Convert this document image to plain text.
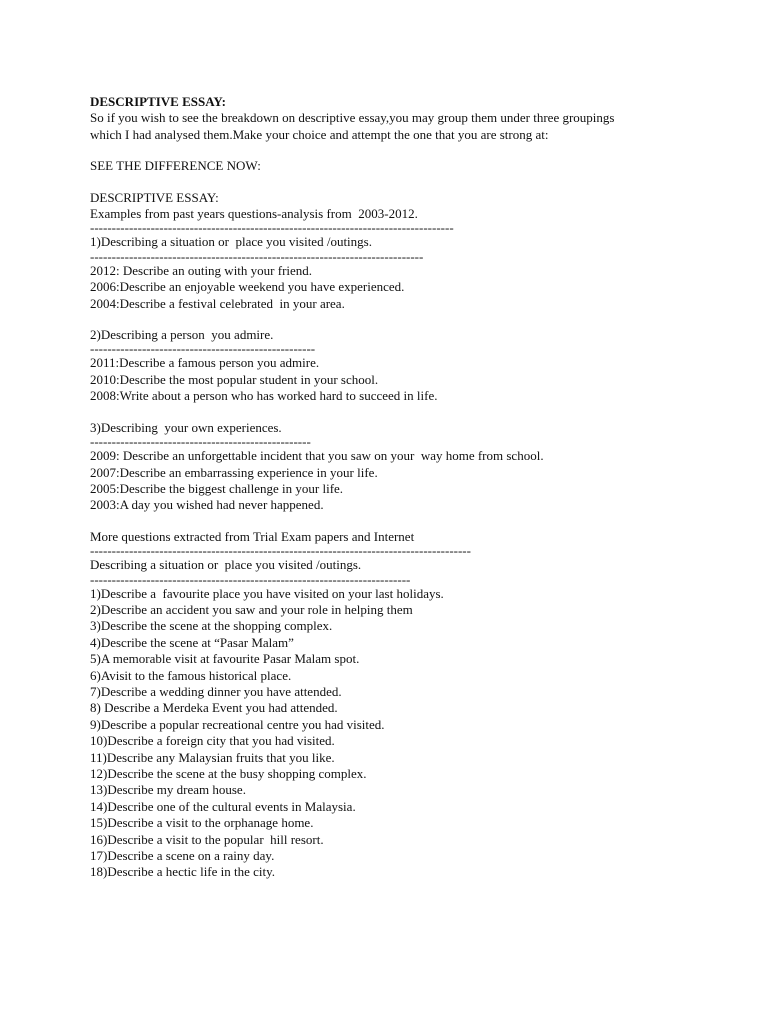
DESCRIPTIVE ESSAY:
So if you wish to see the breakdown on descriptive essay,you may group them under three groupings
which I had analysed them.Make your choice and attempt the one that you are strong at:
SEE THE DIFFERENCE NOW:
DESCRIPTIVE ESSAY:
Examples from past years questions-analysis from  2003-2012.
------------------------------------------------------------------------------------
1)Describing a situation or  place you visited /outings.
-----------------------------------------------------------------------------
2012: Describe an outing with your friend.
2006:Describe an enjoyable weekend you have experienced.
2004:Describe a festival celebrated  in your area.
2)Describing a person  you admire.
----------------------------------------------------
2011:Describe a famous person you admire.
2010:Describe the most popular student in your school.
2008:Write about a person who has worked hard to succeed in life.
3)Describing  your own experiences.
---------------------------------------------------
2009: Describe an unforgettable incident that you saw on your  way home from school.
2007:Describe an embarrassing experience in your life.
2005:Describe the biggest challenge in your life.
2003:A day you wished had never happened.
More questions extracted from Trial Exam papers and Internet
----------------------------------------------------------------------------------------
Describing a situation or  place you visited /outings.
--------------------------------------------------------------------------
1)Describe a  favourite place you have visited on your last holidays.
2)Describe an accident you saw and your role in helping them
3)Describe the scene at the shopping complex.
4)Describe the scene at “Pasar Malam”
5)A memorable visit at favourite Pasar Malam spot.
6)Avisit to the famous historical place.
7)Describe a wedding dinner you have attended.
8) Describe a Merdeka Event you had attended.
9)Describe a popular recreational centre you had visited.
10)Describe a foreign city that you had visited.
11)Describe any Malaysian fruits that you like.
12)Describe the scene at the busy shopping complex.
13)Describe my dream house.
14)Describe one of the cultural events in Malaysia.
15)Describe a visit to the orphanage home.
16)Describe a visit to the popular  hill resort.
17)Describe a scene on a rainy day.
18)Describe a hectic life in the city.
